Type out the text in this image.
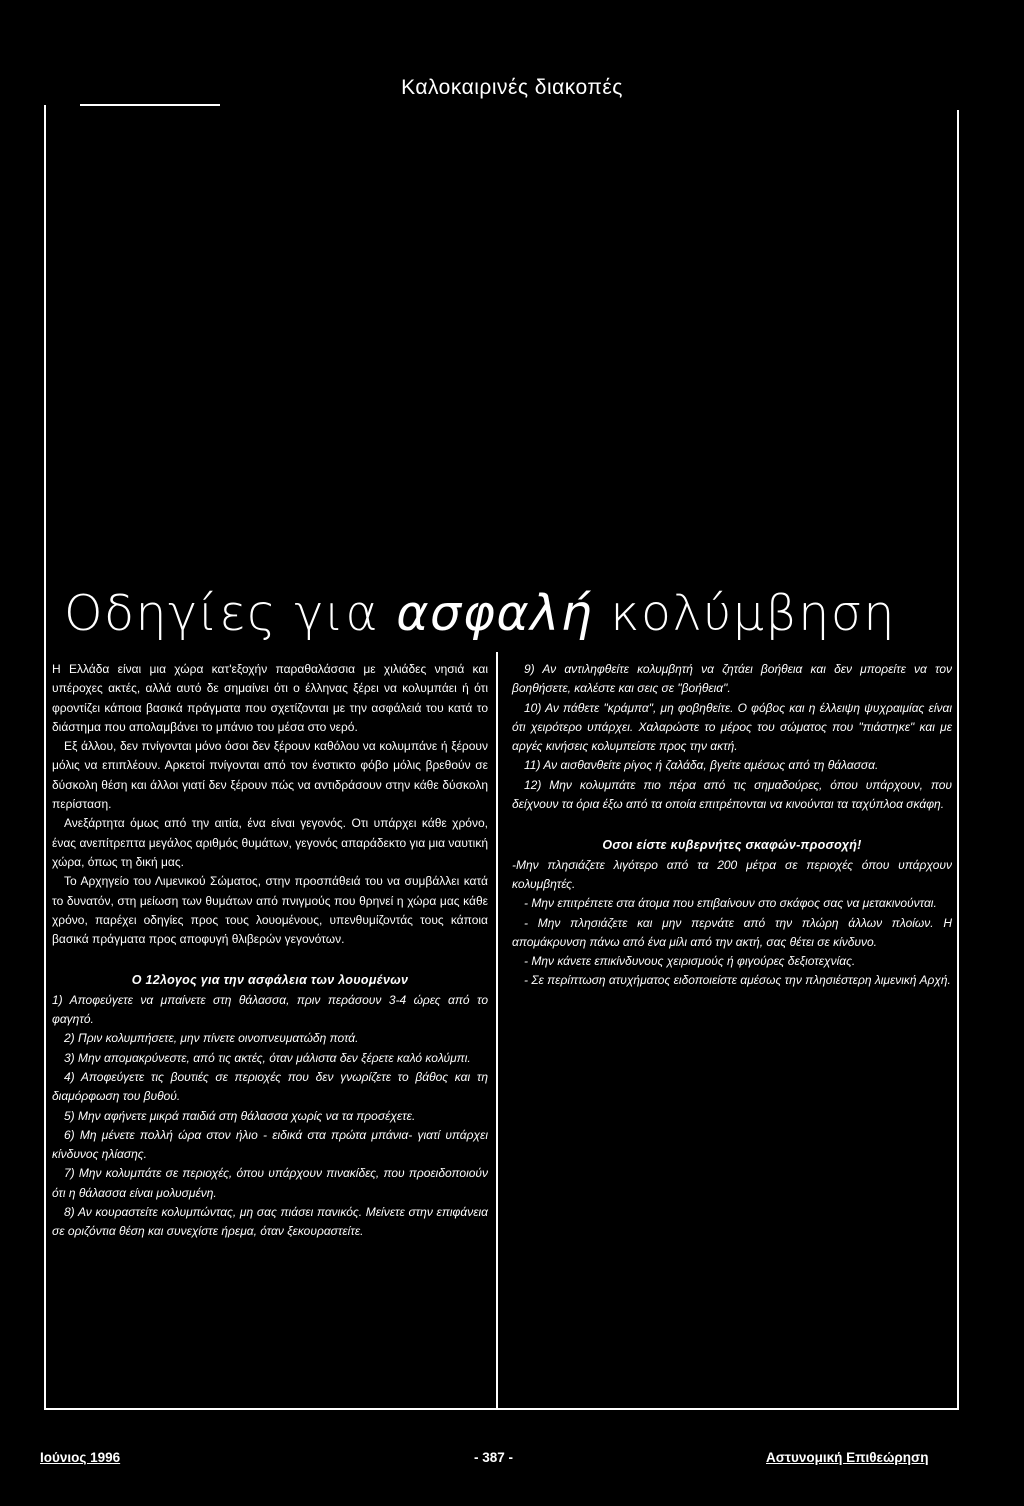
Καλοκαιρινές διακοπές
Οδηγίες για ασφαλή κολύμβηση

Η Ελλάδα είναι μια χώρα κατ'εξοχήν παραθαλάσσια με χιλιάδες νησιά και υπέροχες ακτές, αλλά αυτό δε σημαίνει ότι ο έλληνας ξέρει να κολυμπάει ή ότι φροντίζει κάποια βασικά πράγματα που σχετίζονται με την ασφάλειά του κατά το διάστημα που απολαμβάνει το μπάνιο του μέσα στο νερό.

Εξ άλλου, δεν πνίγονται μόνο όσοι δεν ξέρουν καθόλου να κολυμπάνε ή ξέρουν μόλις να επιπλέουν. Αρκετοί πνίγονται από τον ένστικτο φόβο μόλις βρεθούν σε δύσκολη θέση και άλλοι γιατί δεν ξέρουν πώς να αντιδράσουν στην κάθε δύσκολη περίσταση.

Ανεξάρτητα όμως από την αιτία, ένα είναι γεγονός. Οτι υπάρχει κάθε χρόνο, ένας ανεπίτρεπτα μεγάλος αριθμός θυμάτων, γεγονός απαράδεκτο για μια ναυτική χώρα, όπως τη δική μας.

Το Αρχηγείο του Λιμενικού Σώματος, στην προσπάθειά του να συμβάλλει κατά το δυνατόν, στη μείωση των θυμάτων από πνιγμούς που θρηνεί η χώρα μας κάθε χρόνο, παρέχει οδηγίες προς τους λουομένους, υπενθυμίζοντάς τους κάποια βασικά πράγματα προς αποφυγή θλιβερών γεγονότων.

Ο 12λογος για την ασφάλεια των λουομένων

1) Αποφεύγετε να μπαίνετε στη θάλασσα, πριν περάσουν 3-4 ώρες από το φαγητό.

2) Πριν κολυμπήσετε, μην πίνετε οινοπνευματώδη ποτά.

3) Μην απομακρύνεστε, από τις ακτές, όταν μάλιστα δεν ξέρετε καλό κολύμπι.

4) Αποφεύγετε τις βουτιές σε περιοχές που δεν γνωρίζετε το βάθος και τη διαμόρφωση του βυθού.

5) Μην αφήνετε μικρά παιδιά στη θάλασσα χωρίς να τα προσέχετε.

6) Μη μένετε πολλή ώρα στον ήλιο - ειδικά στα πρώτα μπάνια- γιατί υπάρχει κίνδυνος ηλίασης.

7) Μην κολυμπάτε σε περιοχές, όπου υπάρχουν πινακίδες, που προειδοποιούν ότι η θάλασσα είναι μολυσμένη.

8) Αν κουραστείτε κολυμπώντας, μη σας πιάσει πανικός. Μείνετε στην επιφάνεια σε οριζόντια θέση και συνεχίστε ήρεμα, όταν ξεκουραστείτε.

9) Αν αντιληφθείτε κολυμβητή να ζητάει βοήθεια και δεν μπορείτε να τον βοηθήσετε, καλέστε και σεις σε "βοήθεια".

10) Αν πάθετε "κράμπα", μη φοβηθείτε. Ο φόβος και η έλλειψη ψυχραιμίας είναι ότι χειρότερο υπάρχει. Χαλαρώστε το μέρος του σώματος που "πιάστηκε" και με αργές κινήσεις κολυμπείστε προς την ακτή.

11) Αν αισθανθείτε ρίγος ή ζαλάδα, βγείτε αμέσως από τη θάλασσα.

12) Μην κολυμπάτε πιο πέρα από τις σημαδούρες, όπου υπάρχουν, που δείχνουν τα όρια έξω από τα οποία επιτρέπονται να κινούνται τα ταχύπλοα σκάφη.

Οσοι είστε κυβερνήτες σκαφών-προσοχή!

-Μην πλησιάζετε λιγότερο από τα 200 μέτρα σε περιοχές όπου υπάρχουν κολυμβητές.

- Μην επιτρέπετε στα άτομα που επιβαίνουν στο σκάφος σας να μετακινούνται.

- Μην πλησιάζετε και μην περνάτε από την πλώρη άλλων πλοίων. Η απομάκρυνση πάνω από ένα μίλι από την ακτή, σας θέτει σε κίνδυνο.

- Μην κάνετε επικίνδυνους χειρισμούς ή φιγούρες δεξιοτεχνίας.

- Σε περίπτωση ατυχήματος ειδοποιείστε αμέσως την πλησιέστερη λιμενική Αρχή.

Ιούνιος 1996	- 387 -	Αστυνομική Επιθεώρηση
